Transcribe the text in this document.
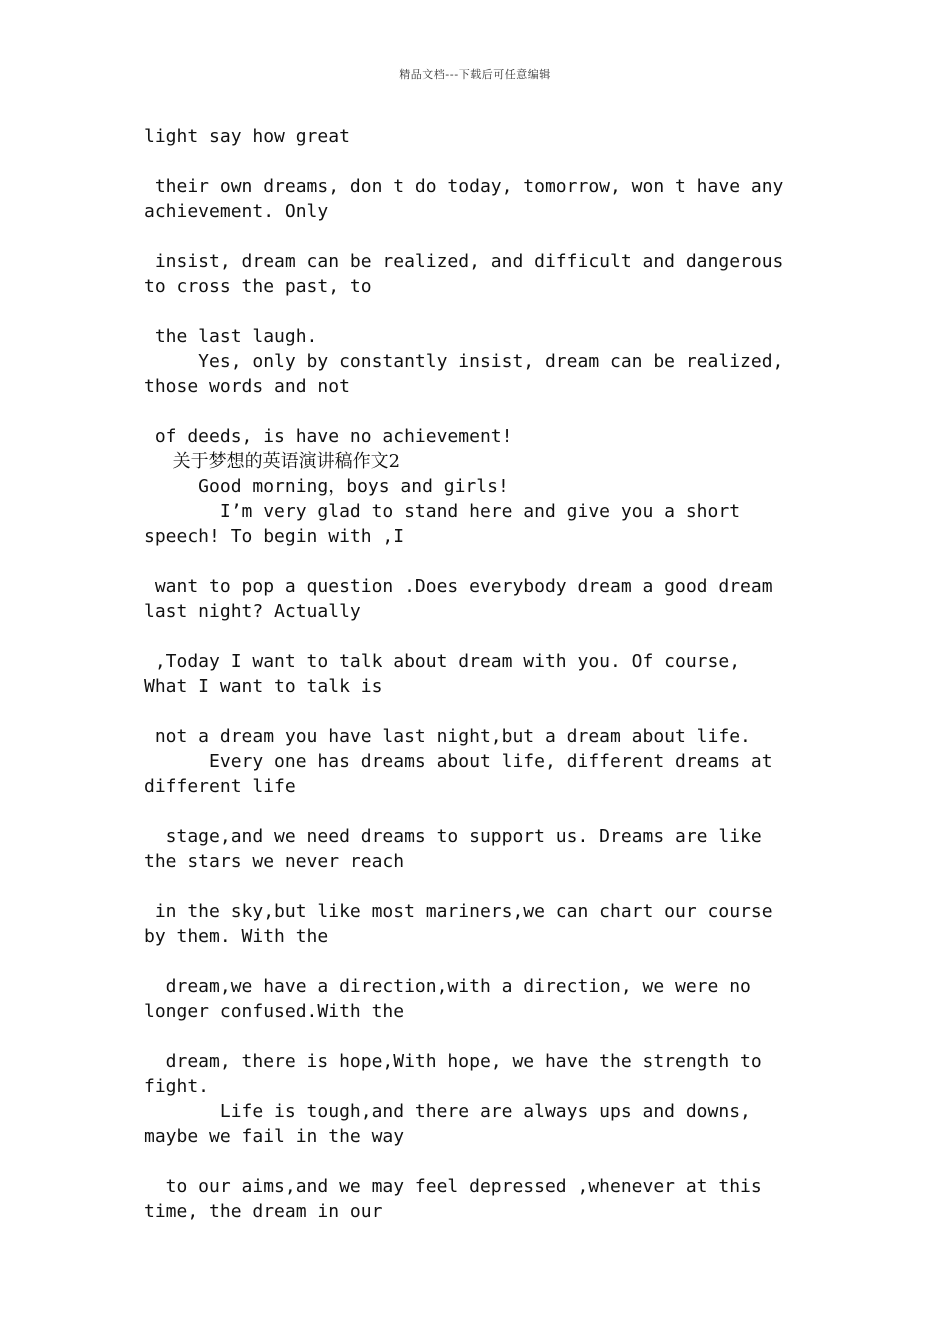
精品文档---下载后可任意编辑
light say how great
their own dreams, don t do today, tomorrow, won t have any
achievement. Only
insist, dream can be realized, and difficult and dangerous
to cross the past, to
the last laugh.
Yes, only by constantly insist, dream can be realized,
those words and not
of deeds, is have no achievement!
关于梦想的英语演讲稿作文2
Good morning，boys and girls!
I’m very glad to stand here and give you a short
speech! To begin with ,I
want to pop a question .Does everybody dream a good dream
last night? Actually
,Today I want to talk about dream with you. Of course,
What I want to talk is
not a dream you have last night,but a dream about life.
Every one has dreams about life, different dreams at
different life
stage,and we need dreams to support us. Dreams are like
the stars we never reach
in the sky,but like most mariners,we can chart our course
by them. With the
dream,we have a direction,with a direction, we were no
longer confused.With the
dream, there is hope,With hope, we have the strength to
fight.
Life is tough,and there are always ups and downs,
maybe we fail in the way
to our aims,and we may feel depressed ,whenever at this
time, the dream in our
